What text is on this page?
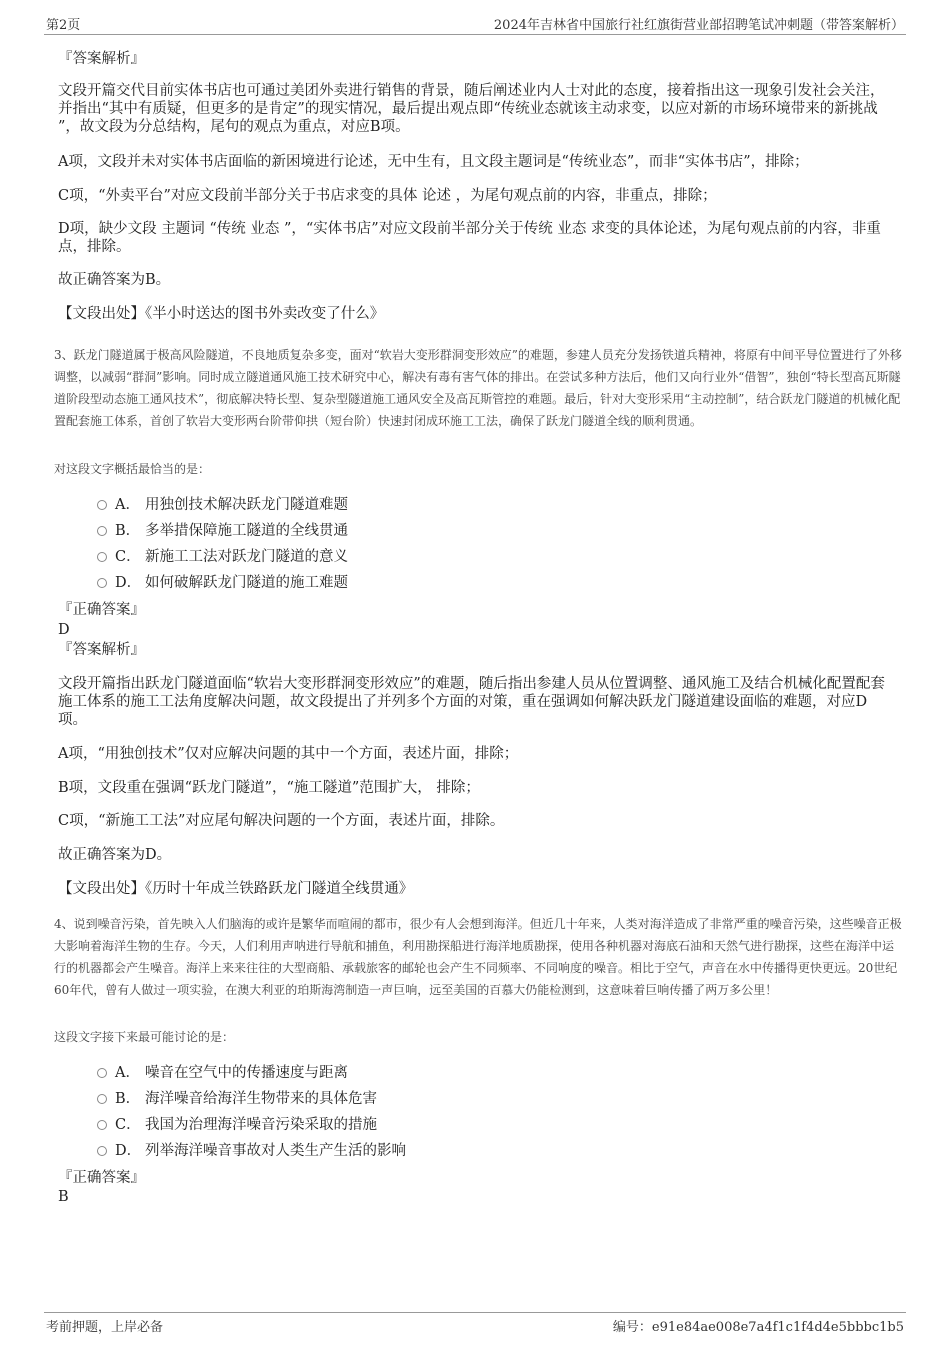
第2页	2024年吉林省中国旅行社红旗街营业部招聘笔试冲刺题（带答案解析）

『答案解析』

文段开篇交代目前实体书店也可通过美团外卖进行销售的背景，随后阐述业内人士对此的态度，接着指出这一现象引发社会关注，并指出“其中有质疑，但更多的是肯定”的现实情况，最后提出观点即“传统业态就该主动求变，以应对新的市场环境带来的新挑战 ”，故文段为分总结构，尾句的观点为重点，对应B项。

A项，文段并未对实体书店面临的新困境进行论述，无中生有，且文段主题词是“传统业态”，而非“实体书店”，排除；

C项，“外卖平台”对应文段前半部分关于书店求变的具体 论述 ，为尾句观点前的内容，非重点，排除；

D项，缺少文段 主题词 “传统 业态 ”，“实体书店”对应文段前半部分关于传统 业态 求变的具体论述，为尾句观点前的内容，非重点，排除。

故正确答案为B。

【文段出处】《半小时送达的图书外卖改变了什么》

3、跃龙门隧道属于极高风险隧道，不良地质复杂多变，面对“软岩大变形群洞变形效应”的难题，参建人员充分发扬铁道兵精神，将原有中间平导位置进行了外移调整，以减弱“群洞”影响。同时成立隧道通风施工技术研究中心，解决有毒有害气体的排出。在尝试多种方法后，他们又向行业外“借智”，独创“特长型高瓦斯隧道阶段型动态施工通风技术”，彻底解决特长型、复杂型隧道施工通风安全及高瓦斯管控的难题。最后，针对大变形采用“主动控制”，结合跃龙门隧道的机械化配置配套施工体系，首创了软岩大变形两台阶带仰拱（短台阶）快速封闭成环施工工法，确保了跃龙门隧道全线的顺利贯通。

对这段文字概括最恰当的是：

A． 用独创技术解决跃龙门隧道难题
B． 多举措保障施工隧道的全线贯通
C． 新施工工法对跃龙门隧道的意义
D． 如何破解跃龙门隧道的施工难题

『正确答案』

D

『答案解析』

文段开篇指出跃龙门隧道面临“软岩大变形群洞变形效应”的难题，随后指出参建人员从位置调整、通风施工及结合机械化配置配套施工体系的施工工法角度解决问题，故文段提出了并列多个方面的对策，重在强调如何解决跃龙门隧道建设面临的难题，对应D项。

A项，“用独创技术”仅对应解决问题的其中一个方面，表述片面，排除；

B项，文段重在强调“跃龙门隧道”，“施工隧道”范围扩大， 排除；

C项，“新施工工法”对应尾句解决问题的一个方面，表述片面，排除。

故正确答案为D。

【文段出处】《历时十年成兰铁路跃龙门隧道全线贯通》

4、说到噪音污染，首先映入人们脑海的或许是繁华而喧闹的都市，很少有人会想到海洋。但近几十年来，人类对海洋造成了非常严重的噪音污染，这些噪音正极大影响着海洋生物的生存。今天，人们利用声呐进行导航和捕鱼，利用勘探船进行海洋地质勘探，使用各种机器对海底石油和天然气进行勘探，这些在海洋中运行的机器都会产生噪音。海洋上来来往往的大型商船、承载旅客的邮轮也会产生不同频率、不同响度的噪音。相比于空气，声音在水中传播得更快更远。20世纪60年代，曾有人做过一项实验，在澳大利亚的珀斯海湾制造一声巨响，远至美国的百慕大仍能检测到，这意味着巨响传播了两万多公里！

这段文字接下来最可能讨论的是：

A． 噪音在空气中的传播速度与距离
B． 海洋噪音给海洋生物带来的具体危害
C． 我国为治理海洋噪音污染采取的措施
D． 列举海洋噪音事故对人类生产生活的影响

『正确答案』

B

考前押题，上岸必备	编号：e91e84ae008e7a4f1c1f4d4e5bbbc1b5
